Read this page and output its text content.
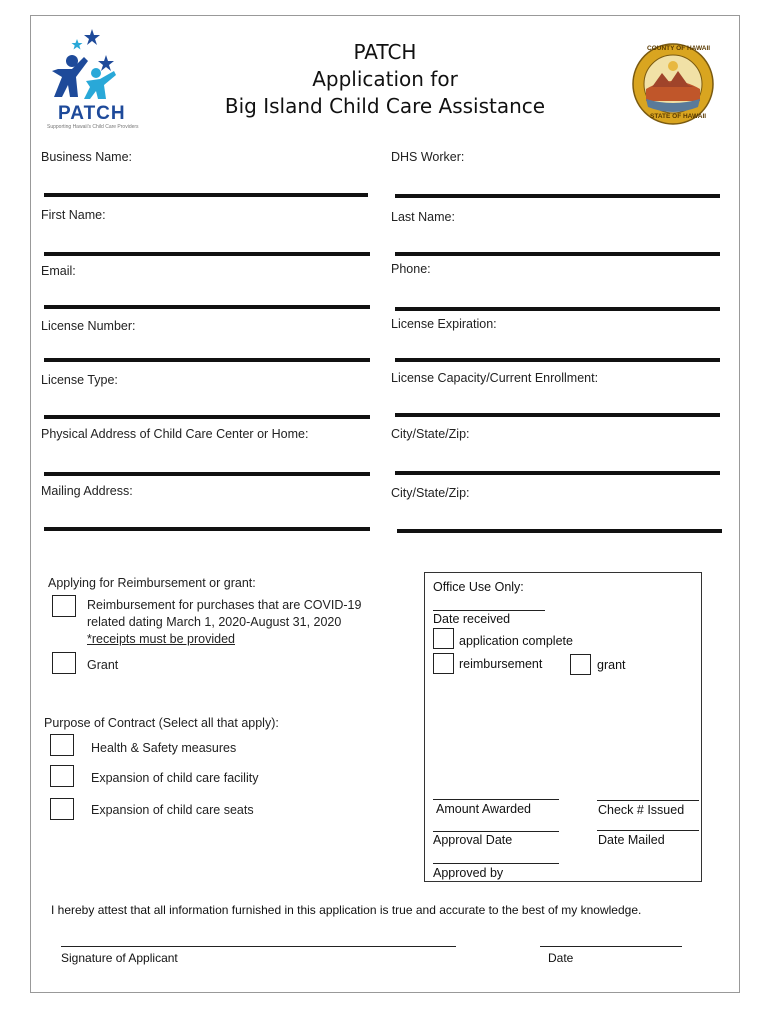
PATCH
Supporting Hawaii's Child Care Providers
PATCH
Application for
Big Island Child Care Assistance
COUNTY OF HAWAII
STATE OF HAWAII
Business Name:	DHS Worker:
First Name:	Last Name:
Email:	Phone:
License Number:	License Expiration:
License Type:	License Capacity/Current Enrollment:
Physical Address of Child Care Center or Home:	City/State/Zip:
Mailing Address:	City/State/Zip:
Applying for Reimbursement or grant:
Reimbursement for purchases that are COVID-19
related dating March 1, 2020-August 31, 2020
*receipts must be provided
Grant
Purpose of Contract (Select all that apply):
Health & Safety measures
Expansion of child care facility
Expansion of child care seats
Office Use Only:
Date received
application complete
reimbursement	grant
Amount Awarded	Check # Issued
Approval Date	Date Mailed
Approved by
I hereby attest that all information furnished in this application is true and accurate to the best of my knowledge.
Signature of Applicant	Date
